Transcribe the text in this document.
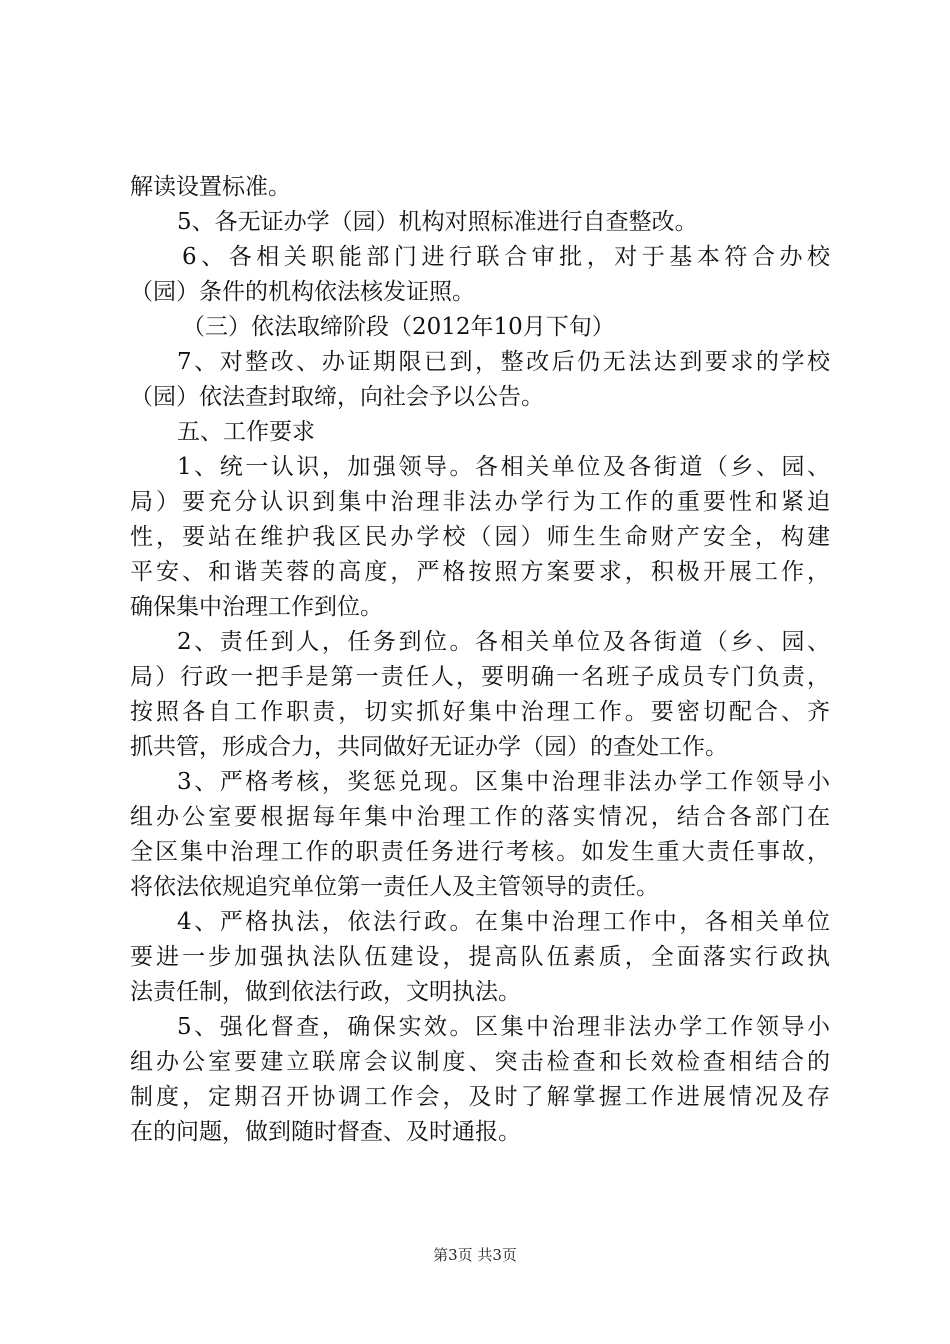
解读设置标准。
5、各无证办学（园）机构对照标准进行自查整改。
6、各相关职能部门进行联合审批，对于基本符合办校
（园）条件的机构依法核发证照。
（三）依法取缔阶段（2012年10月下旬）
7、对整改、办证期限已到，整改后仍无法达到要求的学校
（园）依法查封取缔，向社会予以公告。
五、工作要求
1、统一认识，加强领导。各相关单位及各街道（乡、园、
局）要充分认识到集中治理非法办学行为工作的重要性和紧迫
性，要站在维护我区民办学校（园）师生生命财产安全，构建
平安、和谐芙蓉的高度，严格按照方案要求，积极开展工作，
确保集中治理工作到位。
2、责任到人，任务到位。各相关单位及各街道（乡、园、
局）行政一把手是第一责任人，要明确一名班子成员专门负责，
按照各自工作职责，切实抓好集中治理工作。要密切配合、齐
抓共管，形成合力，共同做好无证办学（园）的查处工作。
3、严格考核，奖惩兑现。区集中治理非法办学工作领导小
组办公室要根据每年集中治理工作的落实情况，结合各部门在
全区集中治理工作的职责任务进行考核。如发生重大责任事故，
将依法依规追究单位第一责任人及主管领导的责任。
4、严格执法，依法行政。在集中治理工作中，各相关单位
要进一步加强执法队伍建设，提高队伍素质，全面落实行政执
法责任制，做到依法行政，文明执法。
5、强化督查，确保实效。区集中治理非法办学工作领导小
组办公室要建立联席会议制度、突击检查和长效检查相结合的
制度，定期召开协调工作会，及时了解掌握工作进展情况及存
在的问题，做到随时督查、及时通报。
第3页 共3页
